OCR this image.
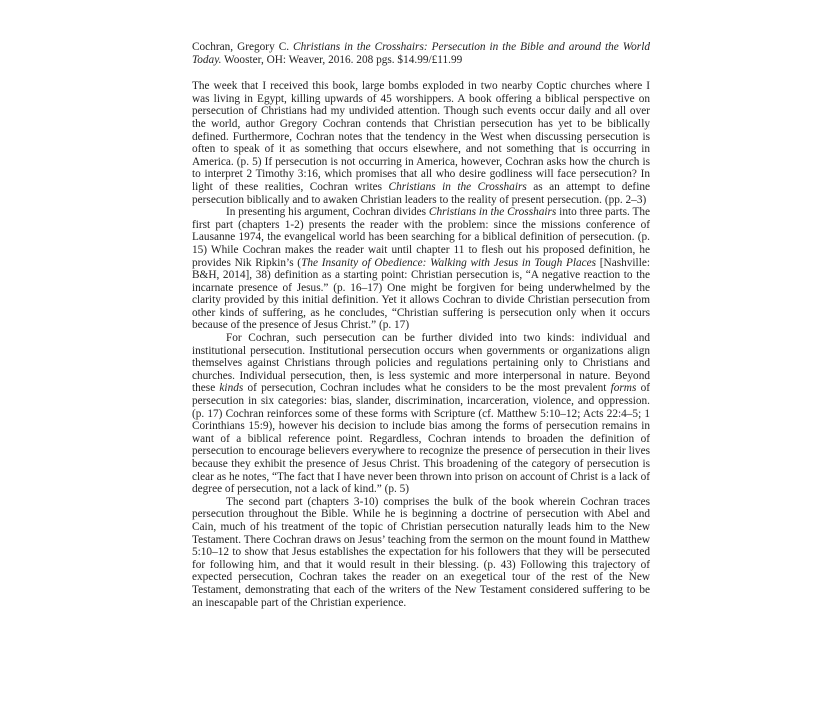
Cochran, Gregory C. Christians in the Crosshairs: Persecution in the Bible and around the World Today. Wooster, OH: Weaver, 2016. 208 pgs. $14.99/£11.99

The week that I received this book, large bombs exploded in two nearby Coptic churches where I was living in Egypt, killing upwards of 45 worshippers. A book offering a biblical perspective on persecution of Christians had my undivided attention. Though such events occur daily and all over the world, author Gregory Cochran contends that Christian persecution has yet to be biblically defined. Furthermore, Cochran notes that the tendency in the West when discussing persecution is often to speak of it as something that occurs elsewhere, and not something that is occurring in America. (p. 5) If persecution is not occurring in America, however, Cochran asks how the church is to interpret 2 Timothy 3:16, which promises that all who desire godliness will face persecution? In light of these realities, Cochran writes Christians in the Crosshairs as an attempt to define persecution biblically and to awaken Christian leaders to the reality of present persecution. (pp. 2–3)

In presenting his argument, Cochran divides Christians in the Crosshairs into three parts. The first part (chapters 1-2) presents the reader with the problem: since the missions conference of Lausanne 1974, the evangelical world has been searching for a biblical definition of persecution. (p. 15) While Cochran makes the reader wait until chapter 11 to flesh out his proposed definition, he provides Nik Ripkin’s (The Insanity of Obedience: Walking with Jesus in Tough Places [Nashville: B&H, 2014], 38) definition as a starting point: Christian persecution is, “A negative reaction to the incarnate presence of Jesus.” (p. 16–17) One might be forgiven for being underwhelmed by the clarity provided by this initial definition. Yet it allows Cochran to divide Christian persecution from other kinds of suffering, as he concludes, “Christian suffering is persecution only when it occurs because of the presence of Jesus Christ.” (p. 17)

For Cochran, such persecution can be further divided into two kinds: individual and institutional persecution. Institutional persecution occurs when governments or organizations align themselves against Christians through policies and regulations pertaining only to Christians and churches. Individual persecution, then, is less systemic and more interpersonal in nature. Beyond these kinds of persecution, Cochran includes what he considers to be the most prevalent forms of persecution in six categories: bias, slander, discrimination, incarceration, violence, and oppression. (p. 17) Cochran reinforces some of these forms with Scripture (cf. Matthew 5:10–12; Acts 22:4–5; 1 Corinthians 15:9), however his decision to include bias among the forms of persecution remains in want of a biblical reference point. Regardless, Cochran intends to broaden the definition of persecution to encourage believers everywhere to recognize the presence of persecution in their lives because they exhibit the presence of Jesus Christ. This broadening of the category of persecution is clear as he notes, “The fact that I have never been thrown into prison on account of Christ is a lack of degree of persecution, not a lack of kind.” (p. 5)

The second part (chapters 3-10) comprises the bulk of the book wherein Cochran traces persecution throughout the Bible. While he is beginning a doctrine of persecution with Abel and Cain, much of his treatment of the topic of Christian persecution naturally leads him to the New Testament. There Cochran draws on Jesus’ teaching from the sermon on the mount found in Matthew 5:10–12 to show that Jesus establishes the expectation for his followers that they will be persecuted for following him, and that it would result in their blessing. (p. 43) Following this trajectory of expected persecution, Cochran takes the reader on an exegetical tour of the rest of the New Testament, demonstrating that each of the writers of the New Testament considered suffering to be an inescapable part of the Christian experience.
